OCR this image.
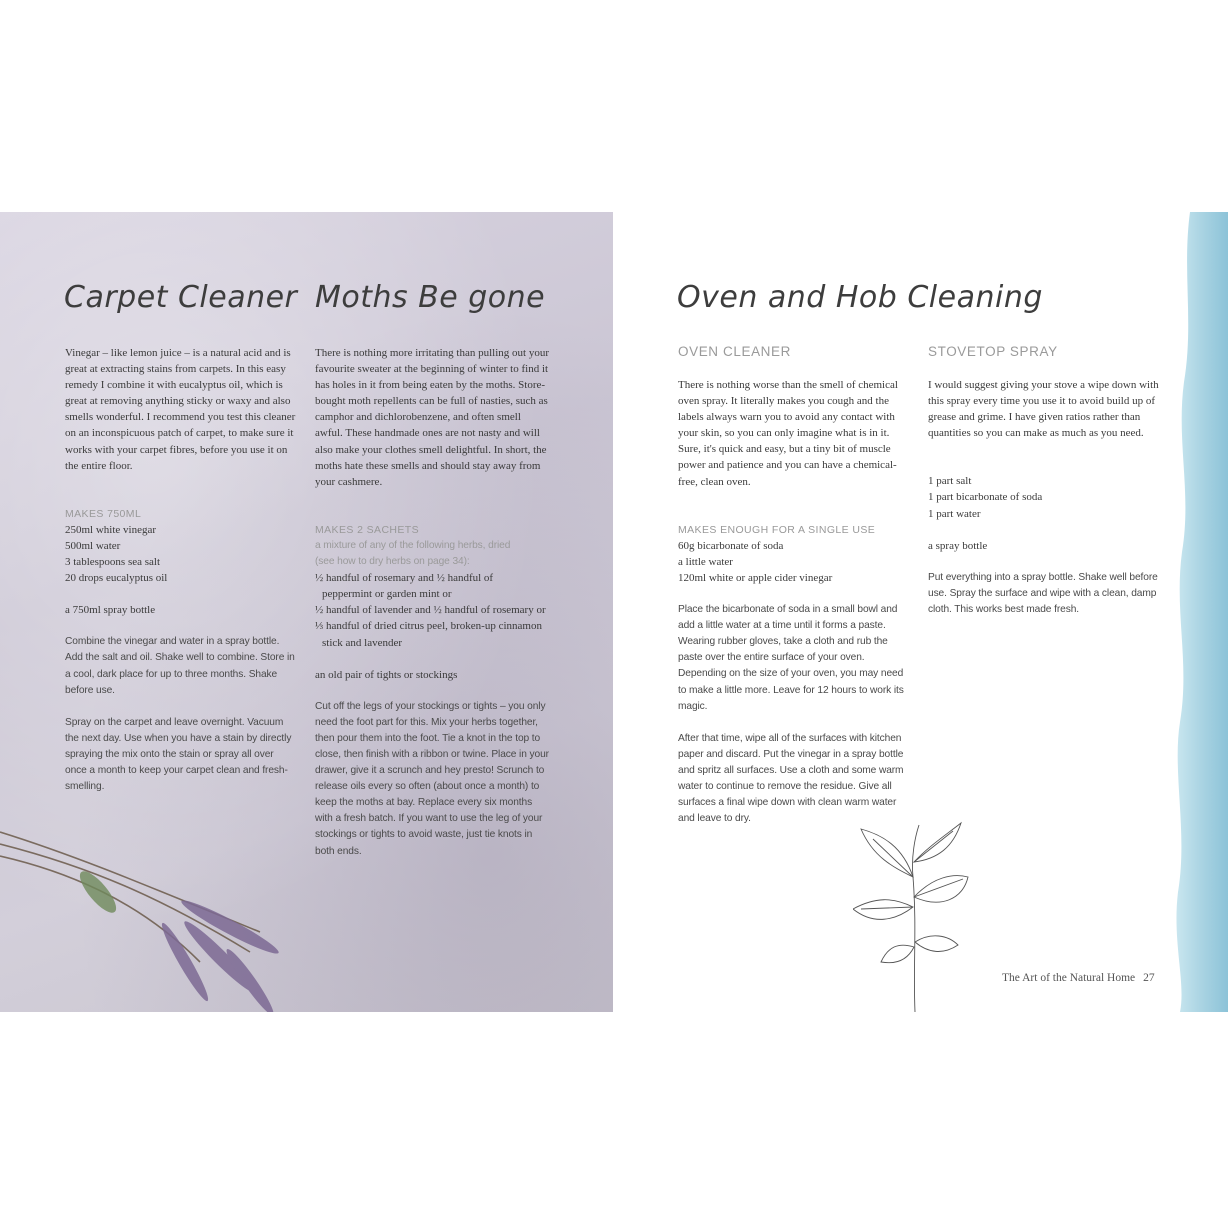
Carpet Cleaner Moths Be gone

Vinegar – like lemon juice – is a natural acid and is great at extracting stains from carpets. In this easy remedy I combine it with eucalyptus oil, which is great at removing anything sticky or waxy and also smells wonderful. I recommend you test this cleaner on an inconspicuous patch of carpet, to make sure it works with your carpet fibres, before you use it on the entire floor.

MAKES 750ML

250ml white vinegar

500ml water

3 tablespoons sea salt

20 drops eucalyptus oil

a 750ml spray bottle

Combine the vinegar and water in a spray bottle. Add the salt and oil. Shake well to combine. Store in a cool, dark place for up to three months. Shake before use.

Spray on the carpet and leave overnight. Vacuum the next day. Use when you have a stain by directly spraying the mix onto the stain or spray all over once a month to keep your carpet clean and fresh-smelling.

There is nothing more irritating than pulling out your favourite sweater at the beginning of winter to find it has holes in it from being eaten by the moths. Store-bought moth repellents can be full of nasties, such as camphor and dichlorobenzene, and often smell awful. These handmade ones are not nasty and will also make your clothes smell delightful. In short, the moths hate these smells and should stay away from your cashmere.

MAKES 2 SACHETS

a mixture of any of the following herbs, dried

(see how to dry herbs on page 34):

½ handful of rosemary and ½ handful of

peppermint or garden mint or

½ handful of lavender and ½ handful of rosemary or

⅓ handful of dried citrus peel, broken-up cinnamon

stick and lavender

an old pair of tights or stockings

Cut off the legs of your stockings or tights – you only need the foot part for this. Mix your herbs together, then pour them into the foot. Tie a knot in the top to close, then finish with a ribbon or twine. Place in your drawer, give it a scrunch and hey presto! Scrunch to release oils every so often (about once a month) to keep the moths at bay. Replace every six months with a fresh batch. If you want to use the leg of your stockings or tights to avoid waste, just tie knots in both ends.

Oven and Hob Cleaning
OVEN CLEANER	STOVETOP SPRAY

There is nothing worse than the smell of chemical oven spray. It literally makes you cough and the labels always warn you to avoid any contact with your skin, so you can only imagine what is in it. Sure, it's quick and easy, but a tiny bit of muscle power and patience and you can have a chemical-free, clean oven.

MAKES ENOUGH FOR A SINGLE USE

60g bicarbonate of soda

a little water

120ml white or apple cider vinegar

Place the bicarbonate of soda in a small bowl and add a little water at a time until it forms a paste. Wearing rubber gloves, take a cloth and rub the paste over the entire surface of your oven. Depending on the size of your oven, you may need to make a little more. Leave for 12 hours to work its magic.

After that time, wipe all of the surfaces with kitchen paper and discard. Put the vinegar in a spray bottle and spritz all surfaces. Use a cloth and some warm water to continue to remove the residue. Give all surfaces a final wipe down with clean warm water and leave to dry.

I would suggest giving your stove a wipe down with this spray every time you use it to avoid build up of grease and grime. I have given ratios rather than quantities so you can make as much as you need.

1 part salt

1 part bicarbonate of soda

1 part water

a spray bottle

Put everything into a spray bottle. Shake well before use. Spray the surface and wipe with a clean, damp cloth. This works best made fresh.

The Art of the Natural Home 27
